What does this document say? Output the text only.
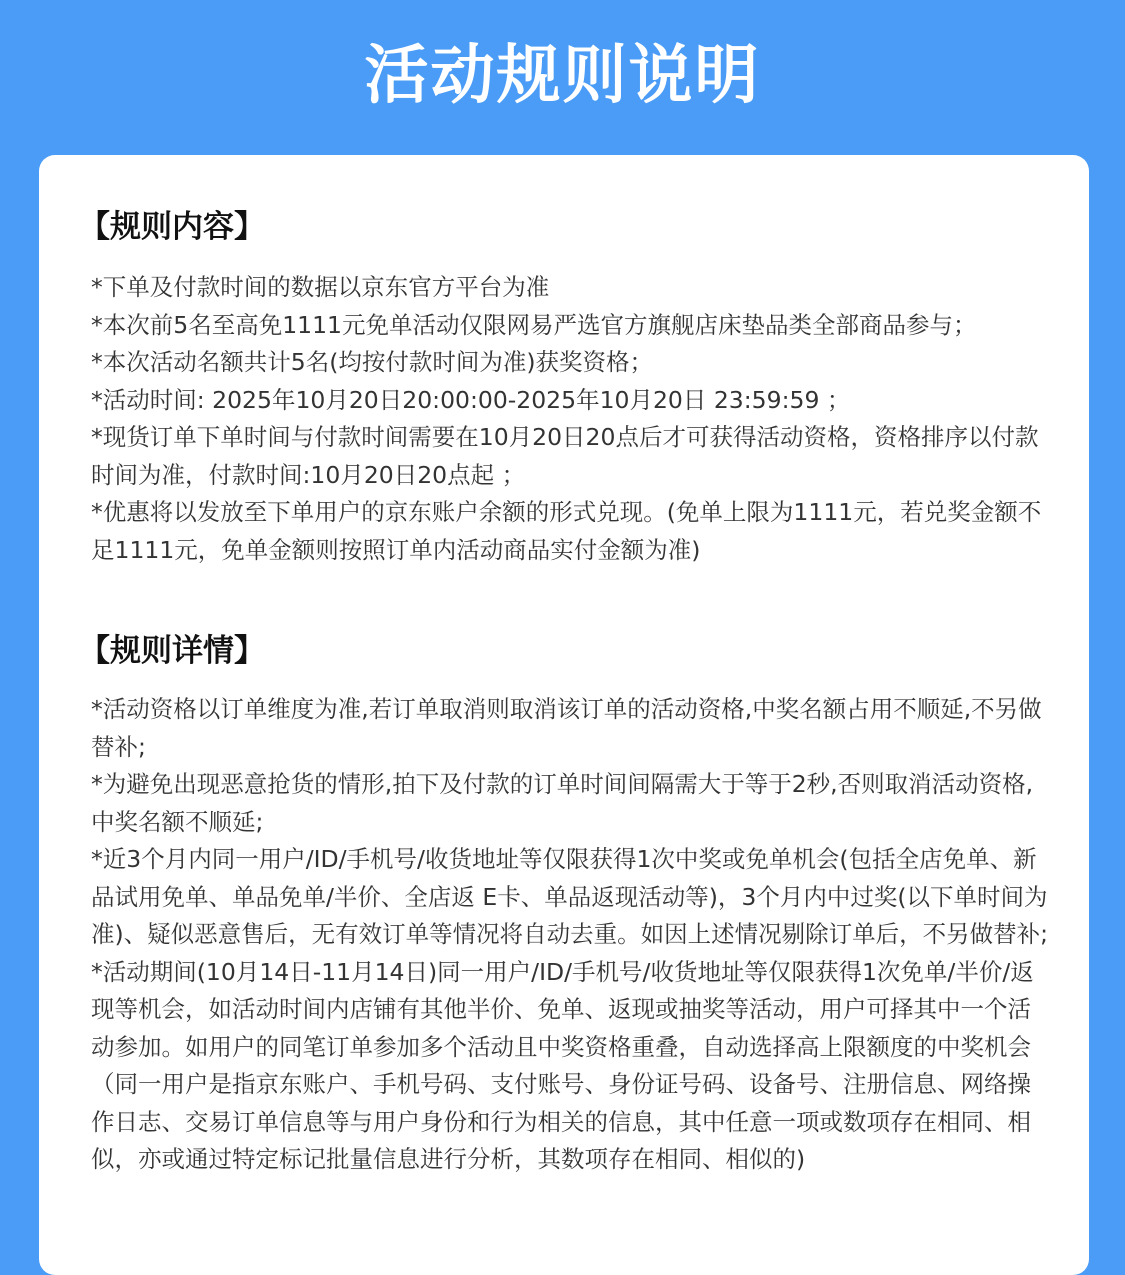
活动规则说明
【规则内容】
*下单及付款时间的数据以京东官方平台为准
*本次前5名至高免1111元免单活动仅限网易严选官方旗舰店床垫品类全部商品参与；
*本次活动名额共计5名(均按付款时间为准)获奖资格；
*活动时间: 2025年10月20日20:00:00-2025年10月20日 23:59:59 ；
*现货订单下单时间与付款时间需要在10月20日20点后才可获得活动资格，资格排序以付款时间为准，付款时间:10月20日20点起 ；
*优惠将以发放至下单用户的京东账户余额的形式兑现。(免单上限为1111元，若兑奖金额不足1111元，免单金额则按照订单内活动商品实付金额为准)
【规则详情】
*活动资格以订单维度为准,若订单取消则取消该订单的活动资格,中奖名额占用不顺延,不另做替补;
*为避免出现恶意抢货的情形,拍下及付款的订单时间间隔需大于等于2秒,否则取消活动资格,中奖名额不顺延;
*近3个月内同一用户/ID/手机号/收货地址等仅限获得1次中奖或免单机会(包括全店免单、新品试用免单、单品免单/半价、全店返 E卡、单品返现活动等)，3个月内中过奖(以下单时间为准)、疑似恶意售后，无有效订单等情况将自动去重。如因上述情况剔除订单后，不另做替补;
*活动期间(10月14日-11月14日)同一用户/ID/手机号/收货地址等仅限获得1次免单/半价/返现等机会，如活动时间内店铺有其他半价、免单、返现或抽奖等活动，用户可择其中一个活动参加。如用户的同笔订单参加多个活动且中奖资格重叠，自动选择高上限额度的中奖机会 （同一用户是指京东账户、手机号码、支付账号、身份证号码、设备号、注册信息、网络操作日志、交易订单信息等与用户身份和行为相关的信息，其中任意一项或数项存在相同、相似，亦或通过特定标记批量信息进行分析，其数项存在相同、相似的)
